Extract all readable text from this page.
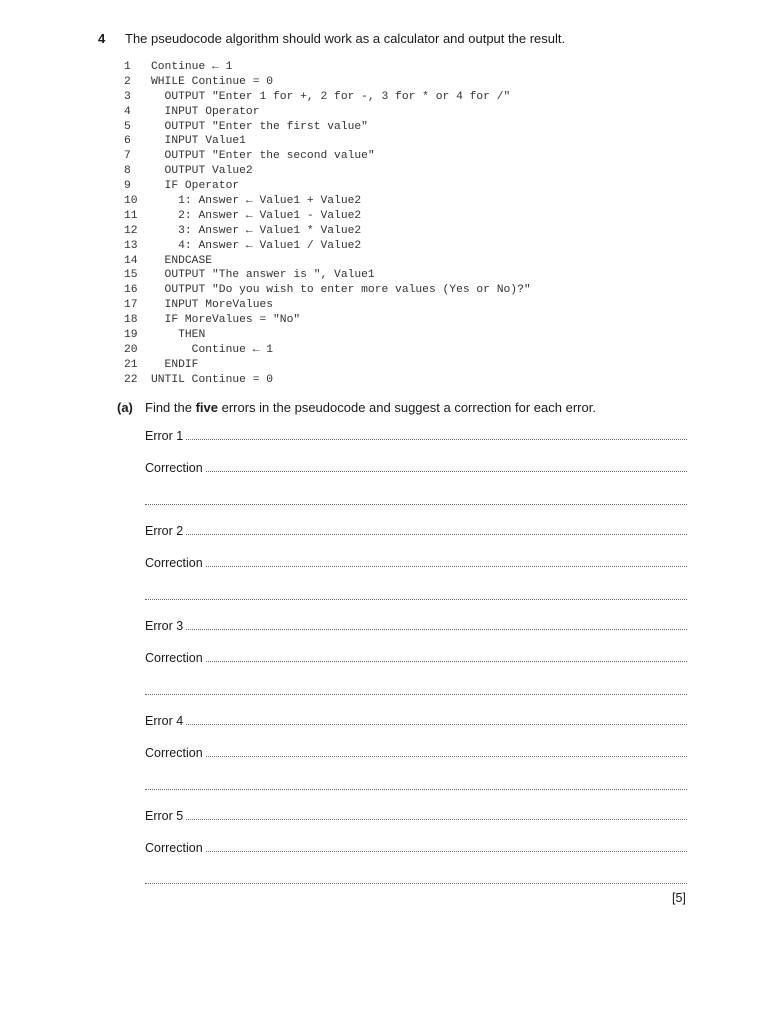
4 The pseudocode algorithm should work as a calculator and output the result.
1	Continue ← 1
2	WHILE Continue = 0
3	OUTPUT "Enter 1 for +, 2 for -, 3 for * or 4 for /"
4	INPUT Operator
5	OUTPUT "Enter the first value"
6	INPUT Value1
7	OUTPUT "Enter the second value"
8	OUTPUT Value2
9	IF Operator
10	1: Answer ← Value1 + Value2
11	2: Answer ← Value1 - Value2
12	3: Answer ← Value1 * Value2
13	4: Answer ← Value1 / Value2
14	ENDCASE
15	OUTPUT "The answer is ", Value1
16	OUTPUT "Do you wish to enter more values (Yes or No)?"
17	INPUT MoreValues
18	IF MoreValues = "No"
19	THEN
20	Continue ← 1
21	ENDIF
22	UNTIL Continue = 0
(a) Find the five errors in the pseudocode and suggest a correction for each error.
Error 1
Correction
Error 2
Correction
Error 3
Correction
Error 4
Correction
Error 5
Correction
[5]
